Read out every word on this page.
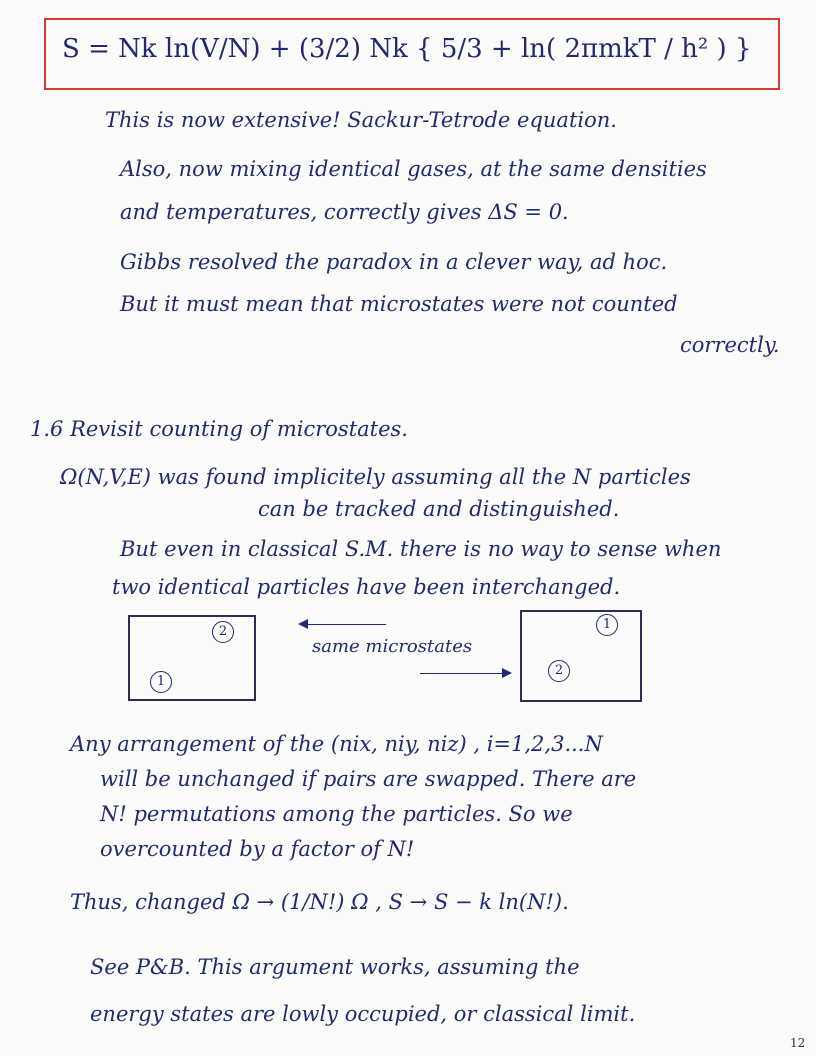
S = Nk ln(V/N) + (3/2) Nk { 5/3 + ln( 2πmkT / h² ) }
This is now extensive! Sackur-Tetrode equation.
Also, now mixing identical gases, at the same densities
and temperatures, correctly gives ΔS = 0.
Gibbs resolved the paradox in a clever way, ad hoc.
But it must mean that microstates were not counted
correctly.
1.6 Revisit counting of microstates.
Ω(N,V,E) was found implicitely assuming all the N particles
can be tracked and distinguished.
But even in classical S.M. there is no way to sense when
two identical particles have been interchanged.
2
1
same microstates
1
2
Any arrangement of the (nix, niy, niz) , i=1,2,3...N
will be unchanged if pairs are swapped. There are
N! permutations among the particles. So we
overcounted by a factor of N!
Thus, changed Ω → (1/N!) Ω , S → S − k ln(N!).
See P&B. This argument works, assuming the
energy states are lowly occupied, or classical limit.
12
